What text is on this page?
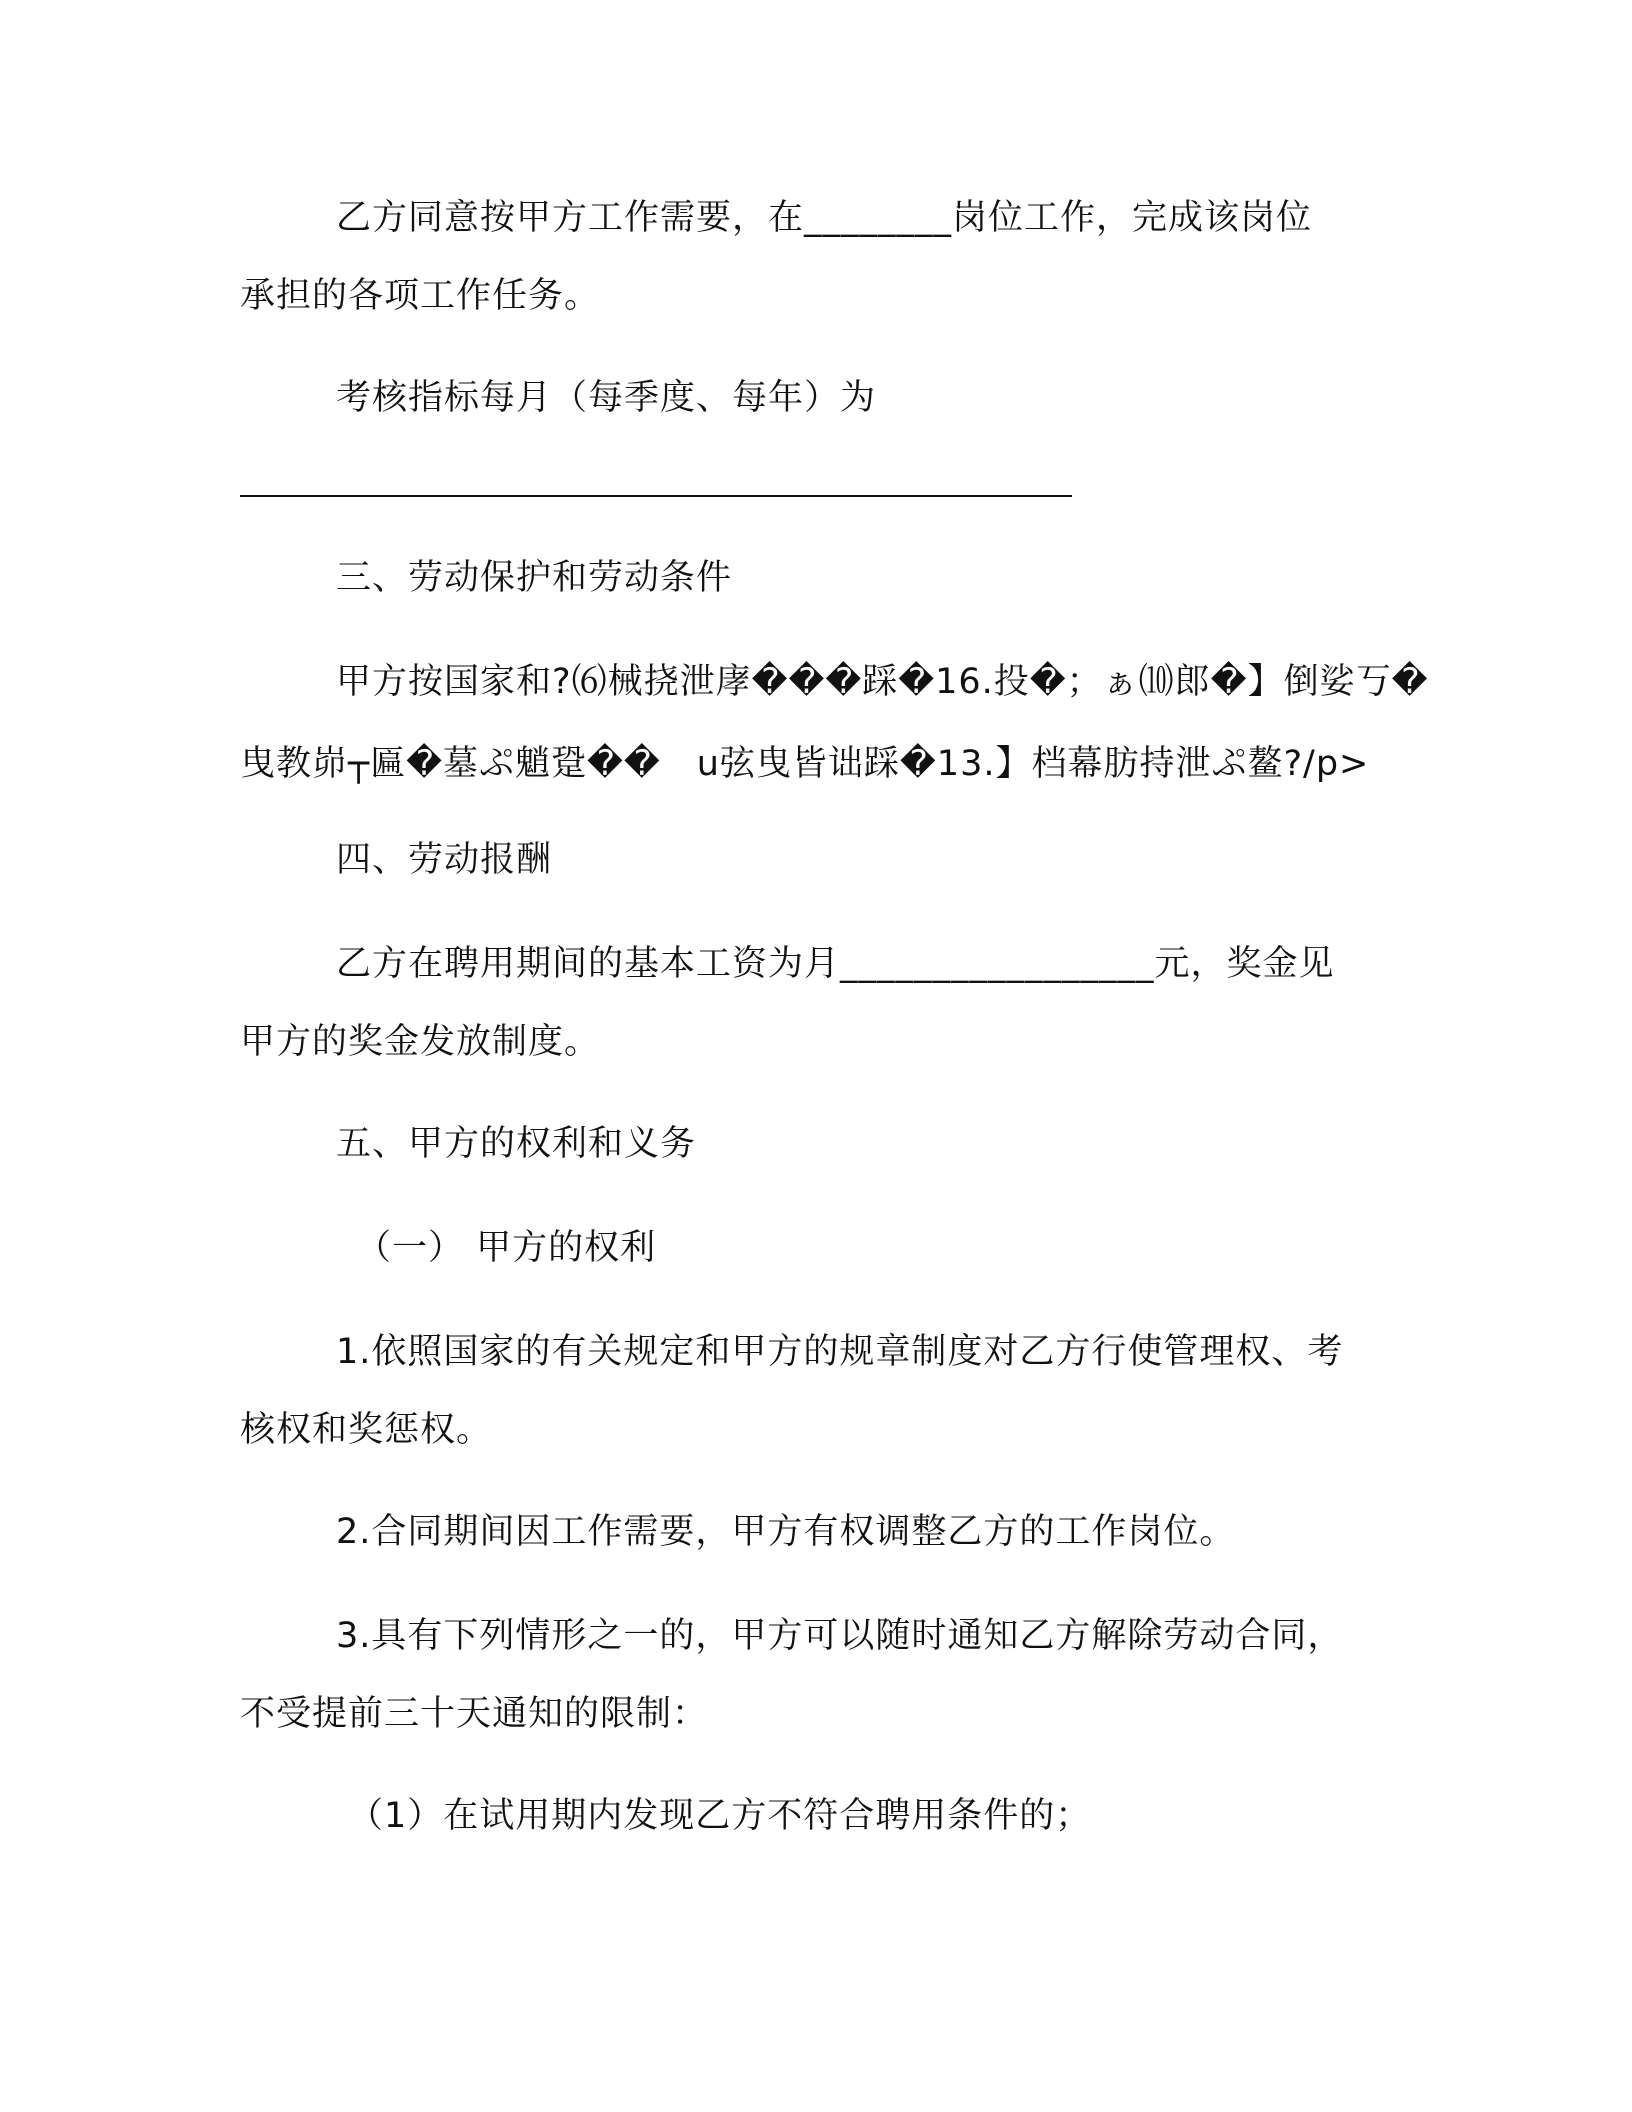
乙方同意按甲方工作需要，在________岗位工作，完成该岗位
承担的各项工作任务。
考核指标每月（每季度、每年）为
三、劳动保护和劳动条件
甲方按国家和?⑹械挠泄庨���踩�16.投�；ぁ⑽郎�】倒娑丂�
曳教峁┬匾�墓ぷ魈跫��　u弦曳皆诎踩�13.】档幕肪持泄ぷ鳌?/p>
四、劳动报酬
乙方在聘用期间的基本工资为月_________________元，奖金见
甲方的奖金发放制度。
五、甲方的权利和义务
（一） 甲方的权利
1.依照国家的有关规定和甲方的规章制度对乙方行使管理权、考
核权和奖惩权。
2.合同期间因工作需要，甲方有权调整乙方的工作岗位。
3.具有下列情形之一的，甲方可以随时通知乙方解除劳动合同，
不受提前三十天通知的限制：
（1）在试用期内发现乙方不符合聘用条件的；
